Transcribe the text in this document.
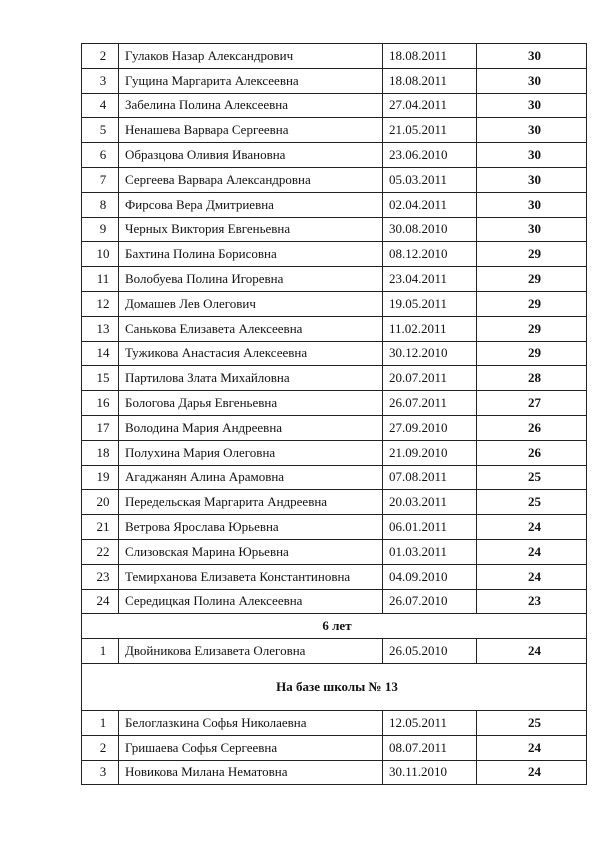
2	Гулаков Назар Александрович	18.08.2011	30
3	Гущина Маргарита Алексеевна	18.08.2011	30
4	Забелина Полина Алексеевна	27.04.2011	30
5	Ненашева Варвара Сергеевна	21.05.2011	30
6	Образцова Оливия Ивановна	23.06.2010	30
7	Сергеева Варвара Александровна	05.03.2011	30
8	Фирсова Вера Дмитриевна	02.04.2011	30
9	Черных Виктория Евгеньевна	30.08.2010	30
10	Бахтина Полина Борисовна	08.12.2010	29
11	Волобуева Полина Игоревна	23.04.2011	29
12	Домашев Лев Олегович	19.05.2011	29
13	Санькова Елизавета Алексеевна	11.02.2011	29
14	Тужикова Анастасия Алексеевна	30.12.2010	29
15	Партилова Злата Михайловна	20.07.2011	28
16	Бологова Дарья Евгеньевна	26.07.2011	27
17	Володина Мария Андреевна	27.09.2010	26
18	Полухина Мария Олеговна	21.09.2010	26
19	Агаджанян Алина Арамовна	07.08.2011	25
20	Передельская Маргарита Андреевна	20.03.2011	25
21	Ветрова Ярослава Юрьевна	06.01.2011	24
22	Слизовская Марина Юрьевна	01.03.2011	24
23	Темирханова Елизавета Константиновна	04.09.2010	24
24	Середицкая Полина Алексеевна	26.07.2010	23
6 лет			
1	Двойникова Елизавета Олеговна	26.05.2010	24
На базе школы № 13			
1	Белоглазкина Софья Николаевна	12.05.2011	25
2	Гришаева Софья Сергеевна	08.07.2011	24
3	Новикова Милана Нематовна	30.11.2010	24
